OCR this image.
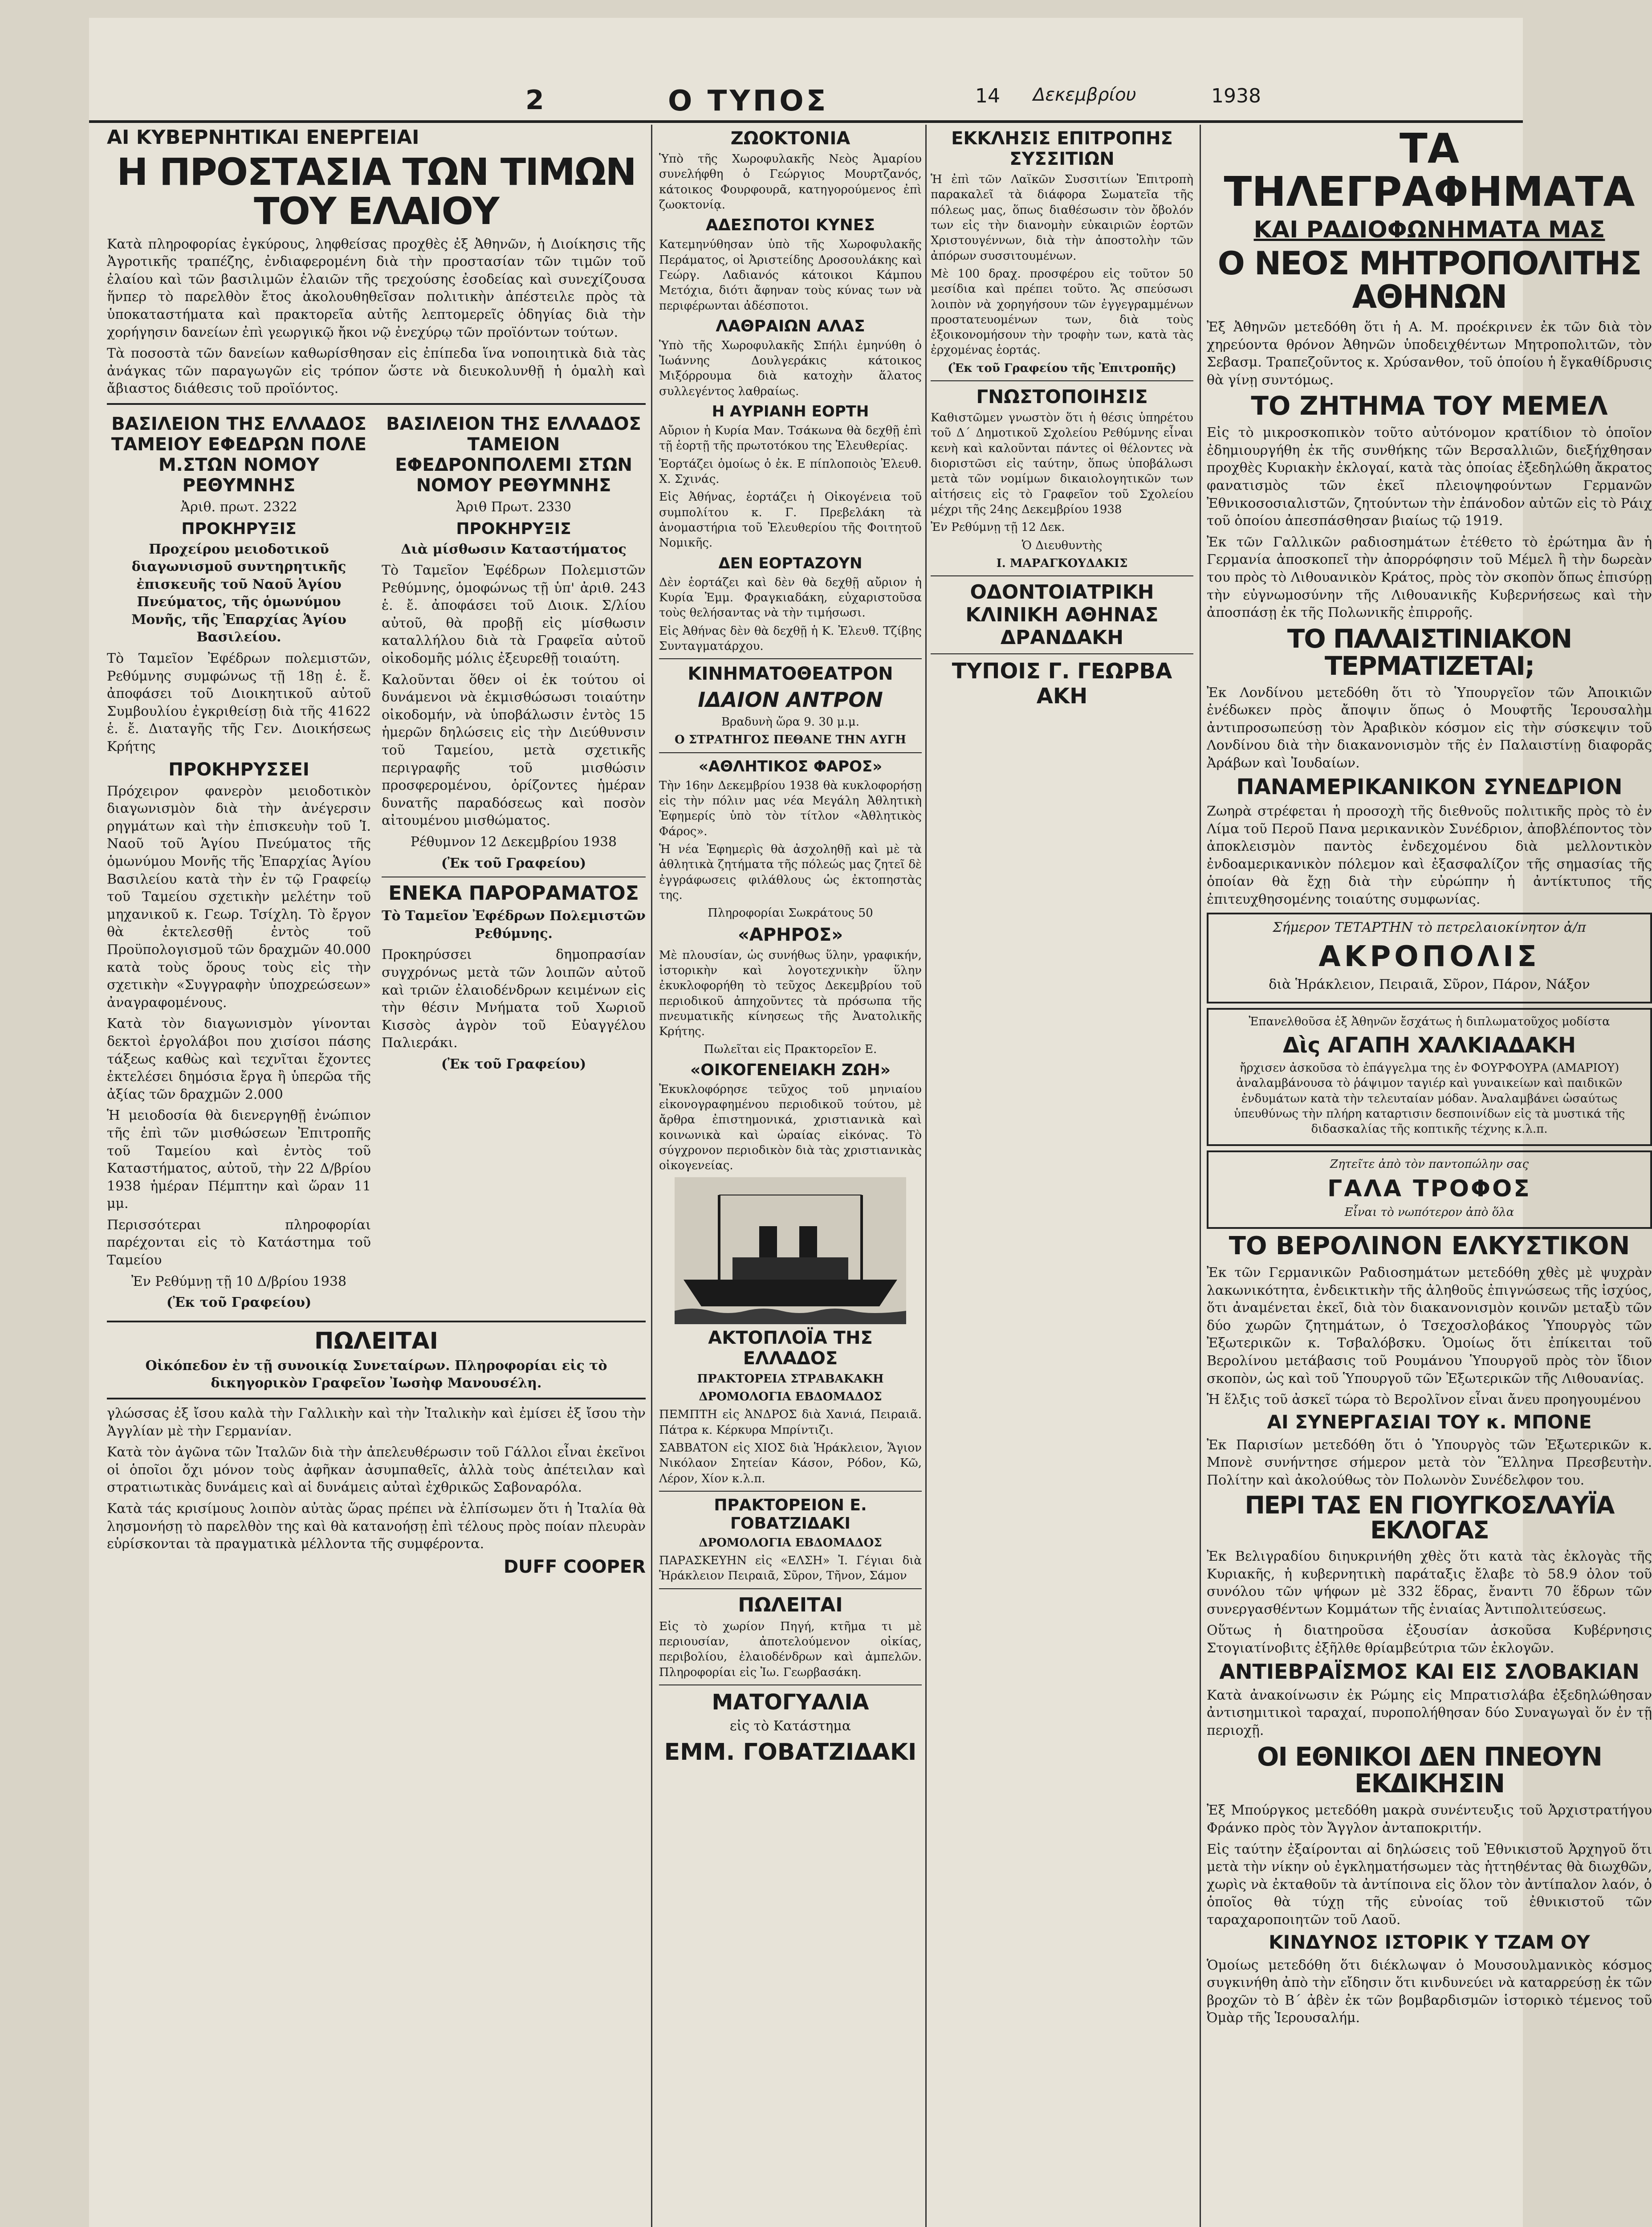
2	Ο ΤΥΠΟΣ	14 Δεκεμβρίου	1938
ΑΙ ΚΥΒΕΡΝΗΤΙΚΑΙ ΕΝΕΡΓΕΙΑΙ
Η ΠΡΟΣΤΑΣΙΑ ΤΩΝ ΤΙΜΩΝ ΤΟΥ ΕΛΑΙΟΥ

Κατὰ πληροφορίας ἐγκύρους, ληφθείσας προχθὲς ἐξ Ἀθηνῶν, ἡ Διοίκησις τῆς Ἀγροτικῆς τραπέζης, ἐνδιαφερομένη διὰ τὴν προστασίαν τῶν τιμῶν τοῦ ἐλαίου καὶ τῶν βασιλιμῶν ἐλαιῶν τῆς τρεχούσης ἐσοδείας καὶ συνεχίζουσα ἥνπερ τὸ παρελθὸν ἔτος ἀκολουθηθεῖσαν πολιτικὴν ἀπέστειλε πρὸς τὰ ὑποκαταστήματα καὶ πρακτορεῖα αὐτῆς λεπτομερεῖς ὁδηγίας διὰ τὴν χορήγησιν δανείων ἐπὶ γεωργικῷ ἤκοι νῷ ἐνεχύρῳ τῶν προϊόντων τούτων.

Τὰ ποσοστὰ τῶν δανείων καθωρίσθησαν εἰς ἐπίπεδα ἵνα νοποιητικὰ διὰ τὰς ἀνάγκας τῶν παραγωγῶν εἰς τρόπον ὥστε νὰ διευκολυνθῇ ἡ ὁμαλὴ καὶ ἄβιαστος διάθεσις τοῦ προϊόντος.

ΒΑΣΙΛΕΙΟΝ ΤΗΣ ΕΛΛΑΔΟΣ ΤΑΜΕΙΟΥ ΕΦΕΔΡΩΝ ΠΟΛΕ Μ.ΣΤΩΝ ΝΟΜΟΥ ΡΕΘΥΜΝΗΣ
Ἀριθ. πρωτ. 2322
ΠΡΟΚΗΡΥΞΙΣ

Πρoχείρου μειοδοτικοῦ διαγωνισμοῦ συντηρητικῆς ἐπισκευῆς τοῦ Ναοῦ Ἁγίου Πνεύματος, τῆς ὁμωνύμου Μονῆς, τῆς Ἐπαρχίας Ἁγίου Βασιλείου.

Τὸ Ταμεῖον Ἐφέδρων πολεμιστῶν, Ρεθύμνης συμφώνως τῇ 18ῃ ἑ. ἔ. ἀποφάσει τοῦ Διοικητικοῦ αὐτοῦ Συμβουλίου ἐγκριθείσῃ διὰ τῆς 41622 ἑ. ἔ. Διαταγῆς τῆς Γεν. Διοικήσεως Κρήτης

ΠΡΟΚΗΡΥΣΣΕΙ

Πρόχειρον φανερὸν μειοδοτικὸν διαγωνισμὸν διὰ τὴν ἀνέγερσιν ρηγμάτων καὶ τὴν ἐπισκευὴν τοῦ Ἱ. Ναοῦ τοῦ Ἁγίου Πνεύματος τῆς ὁμωνύμου Μονῆς τῆς Ἐπαρχίας Ἁγίου Βασιλείου κατὰ τὴν ἐν τῷ Γραφείῳ τοῦ Ταμείου σχετικὴν μελέτην τοῦ μηχανικοῦ κ. Γεωρ. Τσίχλη. Τὸ ἔργον θὰ ἐκτελεσθῇ ἐντὸς τοῦ Προϋπολογισμοῦ τῶν δραχμῶν 40.000 κατὰ τοὺς ὅρους τοὺς εἰς τὴν σχετικὴν «Συγγραφὴν ὑποχρεώσεων» ἀναγραφομένους.

Κατὰ τὸν διαγωνισμὸν γίνονται δεκτοὶ ἐργολάβοι που χισίσοι πάσης τάξεως καθὼς καὶ τεχνῖται ἔχοντες ἐκτελέσει δημόσια ἔργα ἢ ὑπερῶα τῆς ἀξίας τῶν δραχμῶν 2.000

Ἡ μειοδοσία θὰ διενεργηθῇ ἐνώπιον τῆς ἐπὶ τῶν μισθώσεων Ἐπιτροπῆς τοῦ Ταμείου καὶ ἐντὸς τοῦ Καταστήματος, αὐτοῦ, τὴν 22 Δ/βρίου 1938 ἡμέραν Πέμπτην καὶ ὥραν 11 μμ.

Περισσότεραι πληροφορίαι παρέχονται εἰς τὸ Κατάστημα τοῦ Ταμείου

Ἐν Ρεθύμνῃ τῇ 10 Δ/βρίου 1938

(Ἐκ τοῦ Γραφείου)

ΒΑΣΙΛΕΙΟΝ ΤΗΣ ΕΛΛΑΔΟΣ ΤΑΜΕΙΟΝ ΕΦΕΔΡΟΝΠΟΛΕΜΙ ΣΤΩΝ ΝΟΜΟΥ ΡΕΘΥΜΝΗΣ
Ἀριθ Πρωτ. 2330
ΠΡΟΚΗΡΥΞΙΣ

Διὰ μίσθωσιν Καταστήματος

Τὸ Ταμεῖον Ἐφέδρων Πολεμιστῶν Ρεθύμνης, ὁμοφώνως τῇ ὑπ' ἀριθ. 243 ἑ. ἔ. ἀποφάσει τοῦ Διοικ. Σ/λίου αὐτοῦ, θὰ προβῇ εἰς μίσθωσιν καταλλήλου διὰ τὰ Γραφεῖα αὐτοῦ οἰκοδομῆς μόλις ἐξευρεθῇ τοιαύτη.

Καλοῦνται ὅθεν οἱ ἐκ τούτου οἱ δυνάμενοι νὰ ἐκμισθώσωσι τοιαύτην οἰκοδομήν, νὰ ὑποβάλωσιν ἐντὸς 15 ἡμερῶν δηλώσεις εἰς τὴν Διεύθυνσιν τοῦ Ταμείου, μετὰ σχετικῆς περιγραφῆς τοῦ μισθώσιν προσφερομένου, ὁρίζοντες ἡμέραν δυνατῆς παραδόσεως καὶ ποσὸν αἰτουμένου μισθώματος.

Ρέθυμνον 12 Δεκεμβρίου 1938

(Ἐκ τοῦ Γραφείου)

ΕΝΕΚΑ ΠΑΡΟΡΑΜΑΤΟΣ

Τὸ Ταμεῖον Ἐφέδρων Πολεμιστῶν Ρεθύμνης.

Προκηρύσσει δημοπρασίαν συγχρόνως μετὰ τῶν λοιπῶν αὐτοῦ καὶ τριῶν ἐλαιοδένδρων κειμένων εἰς τὴν θέσιν Μνήματα τοῦ Χωριοῦ Κισσὸς ἀγρὸν τοῦ Εὐαγγέλου Παλιεράκι.

(Ἐκ τοῦ Γραφείου)

ΠΩΛΕΙΤΑΙ

Οἰκόπεδον ἐν τῇ συνοικίᾳ Συνεταίρων. Πληροφορίαι εἰς τὸ δικηγορικὸν Γραφεῖον Ἰωσὴφ Μανουσέλη.

γλώσσας ἐξ ἴσου καλὰ τὴν Γαλλικὴν καὶ τὴν Ἰταλικὴν καὶ ἐμίσει ἐξ ἴσου τὴν Ἀγγλίαν μὲ τὴν Γερμανίαν.

Κατὰ τὸν ἀγῶνα τῶν Ἰταλῶν διὰ τὴν ἀπελευθέρωσιν τοῦ Γάλλοι εἶναι ἐκεῖνοι οἱ ὁποῖοι ὄχι μόνον τοὺς ἀφῆκαν ἀσυμπαθεῖς, ἀλλὰ τοὺς ἀπέτειλαν καὶ στρατιωτικὰς δυνάμεις καὶ αἱ δυνάμεις αὐταὶ ἐχθρικῶς Σαβοναρόλα.

Κατὰ τάς κρισίμους λοιπὸν αὐτὰς ὥρας πρέπει νὰ ἐλπίσωμεν ὅτι ἡ Ἰταλία θὰ λησμονήσῃ τὸ παρελθὸν της καὶ θὰ κατανοήσῃ ἐπὶ τέλους πρὸς ποίαν πλευρὰν εὑρίσκονται τὰ πραγματικὰ μέλλοντα τῆς συμφέροντα.

DUFF COOPER
ΖΩΟΚΤΟΝΙΑ

Ὑπὸ τῆς Χωροφυλακῆς Νεὸς Ἀμαρίου συνελήφθη ὁ Γεώργιος Μουρτζανός, κάτοικος Φουρφουρᾶ, κατηγορούμενος ἐπὶ ζωοκτονίᾳ.

ΑΔΕΣΠΟΤΟΙ ΚΥΝΕΣ

Κατεμηνύθησαν ὑπὸ τῆς Χωροφυλακῆς Περάματος, οἱ Ἀριστείδης Δροσουλάκης καὶ Γεώργ. Λαδιανός κάτοικοι Κάμπου Μετόχια, διότι ἄφηναν τοὺς κύνας των νὰ περιφέρωνται ἀδέσποτοι.

ΛΑΘΡΑΙΩΝ ΑΛΑΣ

Ὑπὸ τῆς Χωροφυλακῆς Σπήλι ἐμηνύθη ὁ Ἰωάννης Δουλγεράκις κάτοικος Μιξόρρουμα διὰ κατοχὴν ἅλατος συλλεγέντος λαθραίως.

Η ΑΥΡΙΑΝΗ ΕΟΡΤΗ

Αὔριον ἡ Κυρία Μαν. Τσάκωνα θὰ δεχθῇ ἐπὶ τῇ ἑορτῇ τῆς πρωτοτόκου της Ἐλευθερίας.

Ἑορτάζει ὁμοίως ὁ ἐκ. Ε πίπλοποιὸς Ἐλευθ. Χ. Σχινάς.

Εἰς Ἀθήνας, ἑορτάζει ἡ Οἰκογένεια τοῦ συμπολίτου κ. Γ. Πρεβελάκη τὰ ἀνομαστήρια τοῦ Ἐλευθερίου τῆς Φοιτητοῦ Νομικῆς.

ΔΕΝ ΕΟΡΤΑΖΟΥΝ

Δὲν ἑορτάζει καὶ δὲν θὰ δεχθῇ αὔριον ἡ Κυρία Ἐμμ. Φραγκιαδάκη, εὐχαριστοῦσα τοὺς θελήσαντας νὰ τὴν τιμήσωσι.

Εἰς Ἀθήνας δὲν θὰ δεχθῇ ἡ Κ. Ἐλευθ. Τζίβης Συνταγματάρχου.

ΚΙΝΗΜΑΤΟΘΕΑΤΡΟΝ
ΙΔΑΙΟΝ ΑΝΤΡΟΝ

Βραδυνὴ ὥρα 9. 30 μ.μ.

Ο ΣΤΡΑΤΗΓΟΣ ΠΕΘΑΝΕ ΤΗΝ ΑΥΓΗ

«ΑΘΛΗΤΙΚΟΣ ΦΑΡΟΣ»

Τὴν 16ην Δεκεμβρίου 1938 θὰ κυκλοφορήσῃ εἰς τὴν πόλιν μας νέα Μεγάλη Ἀθλητικὴ Ἐφημερίς ὑπὸ τὸν τίτλον «Ἀθλητικὸς Φάρος».

Ἡ νέα Ἐφημερὶς θὰ ἀσχοληθῇ καὶ μὲ τὰ ἀθλητικὰ ζητήματα τῆς πόλεώς μας ζητεῖ δὲ ἐγγράφωσεις φιλάθλους ὡς ἐκτοπηστὰς της.

Πληροφορίαι Σωκράτους 50

«ΑΡΗΡΟΣ»

Μὲ πλουσίαν, ὡς συνήθως ὕλην, γραφικήν, ἱστορικὴν καὶ λογοτεχνικὴν ὕλην ἐκυκλοφορήθη τὸ τεῦχος Δεκεμβρίου τοῦ περιοδικοῦ ἀπηχοῦντες τὰ πρόσωπα τῆς πνευματικῆς κίνησεως τῆς Ἀνατολικῆς Κρήτης.

Πωλεῖται εἰς Πρακτορεῖον Ε.

«ΟΙΚΟΓΕΝΕΙΑΚΗ ΖΩΗ»

Ἐκυκλοφόρησε τεῦχος τοῦ μηνιαίου εἰκονογραφημένου περιοδικοῦ τούτου, μὲ ἄρθρα ἐπιστημονικά, χριστιανικὰ καὶ κοινωνικὰ καὶ ὡραίας εἰκόνας. Τὸ σύγχρονον περιοδικὸν διὰ τὰς χριστιανικὰς οἰκογενείας.

ΑΚΤΟΠΛΟΪΑ ΤΗΣ ΕΛΛΑΔΟΣ

ΠΡΑΚΤΟΡΕΙΑ ΣΤΡΑΒΑΚΑΚΗ

ΔΡΟΜΟΛΟΓΙΑ ΕΒΔΟΜΑΔΟΣ

ΠΕΜΠΤΗ εἰς ἈΝΔΡΟΣ διὰ Χανιά, Πειραιᾶ. Πάτρα κ. Κέρκυρα Μπρίντιζι.

ΣΑΒΒΑΤΟΝ εἰς ΧΙΟΣ διὰ Ἡράκλειον, Ἅγιον Νικόλαον Σητείαν Κάσον, Ρόδον, Κῶ, Λέρον, Χίον κ.λ.π.

ΠΡΑΚΤΟΡΕΙΟΝ Ε. ΓΟΒΑΤΖΙΔΑΚΙ

ΔΡΟΜΟΛΟΓΙΑ ΕΒΔΟΜΑΔΟΣ

ΠΑΡΑΣΚΕΥΗΝ εἰς «ΕΛΣΗ» Ἰ. Γέγιαι διὰ Ἡράκλειον Πειραιᾶ, Σῦρον, Τῆνον, Σάμον

ΠΩΛΕΙΤΑΙ

Εἰς τὸ χωρίον Πηγή, κτῆμα τι μὲ περιουσίαν, ἀποτελούμενον οἰκίας, περιβολίου, ἐλαιοδένδρων καὶ ἀμπελῶν. Πληροφορίαι εἰς Ἰω. Γεωρβασάκη.

ΜΑΤΟΓΥΑΛΙΑ

εἰς τὸ Κατάστημα

ΕΜΜ. ΓΟΒΑΤΖΙΔΑΚΙ
ΕΚΚΛΗΣΙΣ ΕΠΙΤΡΟΠΗΣ ΣΥΣΣΙΤΙΩΝ

Ἡ ἐπὶ τῶν Λαϊκῶν Συσσιτίων Ἐπιτροπὴ παρακαλεῖ τὰ διάφορα Σωματεῖα τῆς πόλεως μας, ὅπως διαθέσωσιν τὸν ὄβολόν των εἰς τὴν διανομὴν εὐκαιριῶν ἑορτῶν Χριστουγέννων, διὰ τὴν ἀποστολὴν τῶν ἀπόρων συσσιτουμένων.

Μὲ 100 δραχ. προσφέρου εἰς τοῦτον 50 μεσίδια καὶ πρέπει τοῦτο. Ἄς σπεύσωσι λοιπὸν νὰ χορηγήσουν τῶν ἐγγεγραμμένων προστατευομένων των, διὰ τοὺς ἐξοικονομήσουν τὴν τροφὴν των, κατὰ τὰς ἐρχομένας ἑορτάς.

(Ἐκ τοῦ Γραφείου τῆς Ἐπιτροπῆς)

ΓΝΩΣΤΟΠΟΙΗΣΙΣ

Καθιστῶμεν γνωστὸν ὅτι ἡ θέσις ὑπηρέτου τοῦ Δ΄ Δημοτικοῦ Σχολείου Ρεθύμνης εἶναι κενὴ καὶ καλοῦνται πάντες οἱ θέλοντες νὰ διοριστῶσι εἰς ταύτην, ὅπως ὑποβάλωσι μετὰ τῶν νομίμων δικαιολογητικῶν των αἰτήσεις εἰς τὸ Γραφεῖον τοῦ Σχολείου μέχρι τῆς 24ης Δεκεμβρίου 1938

Ἐν Ρεθύμνῃ τῇ 12 Δεκ.

Ὁ Διευθυντὴς

Ι. ΜΑΡΑΓΚΟΥΔΑΚΙΣ

ΟΔΟΝΤΟΙΑΤΡΙΚΗ ΚΛΙΝΙΚΗ ΑΘΗΝΑΣ ΔΡΑΝΔΑΚΗ
ΤΥΠΟΙΣ Γ. ΓΕΩΡΒΑ ΑΚΗ
ΤΑ ΤΗΛΕΓΡΑΦΗΜΑΤΑ
ΚΑΙ ΡΑΔΙΟΦΩΝΗΜΑΤΑ ΜΑΣ
Ο ΝΕΟΣ ΜΗΤΡΟΠΟΛΙΤΗΣ ΑΘΗΝΩΝ

Ἐξ Ἀθηνῶν μετεδόθη ὅτι ἡ Α. Μ. προέκρινεν ἐκ τῶν διὰ τὸν χηρεύοντα θρόνον Ἀθηνῶν ὑποδειχθέντων Μητροπολιτῶν, τὸν Σεβασμ. Τραπεζοῦντος κ. Χρύσανθον, τοῦ ὁποίου ἡ ἔγκαθίδρυσις θὰ γίνῃ συντόμως.

ΤΟ ΖΗΤΗΜΑ ΤΟΥ ΜΕΜΕΛ

Εἰς τὸ μικροσκοπικὸν τοῦτο αὐτόνομον κρατίδιον τὸ ὁποῖον ἐδημιουργήθη ἐκ τῆς συνθήκης τῶν Βερσαλλιῶν, διεξήχθησαν προχθὲς Κυριακὴν ἐκλογαί, κατὰ τὰς ὁποίας ἐξεδηλώθη ἄκρατος φανατισμὸς τῶν ἐκεῖ πλειοψηφούντων Γερμανῶν Ἐθνικοσοσιαλιστῶν, ζητούντων τὴν ἐπάνοδον αὐτῶν εἰς τὸ Ράιχ τοῦ ὁποίου ἀπεσπάσθησαν βιαίως τῷ 1919.

Ἐκ τῶν Γαλλικῶν ραδιοσημάτων ἐτέθετο τὸ ἐρώτημα ἂν ἡ Γερμανία ἀποσκοπεῖ τὴν ἀπορρόφησιν τοῦ Μέμελ ἢ τὴν δωρεὰν του πρὸς τὸ Λιθουανικὸν Κράτος, πρὸς τὸν σκοπὸν ὅπως ἐπισύρῃ τὴν εὐγνωμοσύνην τῆς Λιθουανικῆς Κυβερνήσεως καὶ τὴν ἀποσπάσῃ ἐκ τῆς Πολωνικῆς ἐπιρροῆς.

ΤΟ ΠΑΛΑΙΣΤΙΝΙΑΚΟΝ ΤΕΡΜΑΤΙΖΕΤΑΙ;

Ἐκ Λονδίνου μετεδόθη ὅτι τὸ Ὑπουργεῖον τῶν Ἀποικιῶν ἐνέδωκεν πρὸς ἄποψιν ὅπως ὁ Μουφτῆς Ἱερουσαλὴμ ἀντιπροσωπεύσῃ τὸν Ἀραβικὸν κόσμον εἰς τὴν σύσκεψιν τοῦ Λονδίνου διὰ τὴν διακανονισμὸν τῆς ἐν Παλαιστίνῃ διαφορᾶς Ἀράβων καὶ Ἰουδαίων.

ΠΑΝΑΜΕΡΙΚΑΝΙΚΟΝ ΣΥΝΕΔΡΙΟΝ

Ζωηρὰ στρέφεται ἡ προσοχὴ τῆς διεθνοῦς πολιτικῆς πρὸς τὸ ἐν Λίμα τοῦ Περοῦ Πανα μερικανικὸν Συνέδριον, ἀποβλέποντος τὸν ἀποκλεισμὸν παντὸς ἐνδεχομένου διὰ μελλοντικὸν ἐνδοαμερικανικὸν πόλεμον καὶ ἐξασφαλίζον τῆς σημασίας τῆς ὁποίαν θὰ ἔχῃ διὰ τὴν εὐρώπην ἡ ἀντίκτυπος τῆς ἐπιτευχθησομένης τοιαύτης συμφωνίας.

Σήμερον ΤΕΤΑΡΤΗΝ τὸ πετρελαιοκίνητον ἀ/π

ΑΚΡΟΠΟΛΙΣ

διὰ Ἡράκλειον, Πειραιᾶ, Σῦρον, Πάρον, Νάξον

Ἐπανελθοῦσα ἐξ Ἀθηνῶν ἔσχάτως ἡ διπλωματοῦχος μοδίστα

Δὶς ΑΓΑΠΗ ΧΑΛΚΙΑΔΑΚΗ

ἤρχισεν ἀσκοῦσα τὸ ἐπάγγελμα της ἐν ΦΟΥΡΦΟΥΡΑ (ΑΜΑΡΙΟΥ) ἀναλαμβάνουσα τὸ ῥάψιμον ταγιέρ καὶ γυναικείων καὶ παιδικῶν ἐνδυμάτων κατὰ τὴν τελευταίαν μόδαν. Ἀναλαμβάνει ὡσαύτως ὑπευθύνως τὴν πλήρη καταρτισιν δεσποινίδων εἰς τὰ μυστικά τῆς διδασκαλίας τῆς κοπτικῆς τέχνης κ.λ.π.

Ζητεῖτε ἀπὸ τὸν παντοπώλην σας

ΓΑΛΑ ΤΡΟΦΟΣ

Εἶναι τὸ νωπότερον ἀπὸ ὅλα

ΤΟ ΒΕΡΟΛΙΝΟΝ ΕΛΚΥΣΤΙΚΟΝ

Ἐκ τῶν Γερμανικῶν Ραδιοσημάτων μετεδόθη χθὲς μὲ ψυχρὰν λακωνικότητα, ἐνδεικτικὴν τῆς ἀληθοῦς ἐπιγνώσεως τῆς ἰσχύος, ὅτι ἀναμένεται ἐκεῖ, διὰ τὸν διακανονισμὸν κοινῶν μεταξὺ τῶν δύο χωρῶν ζητημάτων, ὁ Τσεχοσλοβάκος Ὑπουργὸς τῶν Ἐξωτερικῶν κ. Τσβαλόβσκυ. Ὁμοίως ὅτι ἐπίκειται τοῦ Βερολίνου μετάβασις τοῦ Ρουμάνου Ὑπουργοῦ πρὸς τὸν ἴδιον σκοπὸν, ὡς καὶ τοῦ Ὑπουργοῦ τῶν Ἐξωτερικῶν τῆς Λιθουανίας.

Ἡ ἕλξις τοῦ ἀσκεῖ τώρα τὸ Βερολῖνον εἶναι ἄνευ προηγουμένου

ΑΙ ΣΥΝΕΡΓΑΣΙΑΙ ΤΟΥ κ. ΜΠΟΝΕ

Ἐκ Παρισίων μετεδόθη ὅτι ὁ Ὑπουργὸς τῶν Ἐξωτερικῶν κ. Μπονὲ συνήντησε σήμερον μετὰ τὸν Ἕλληνα Πρεσβευτὴν. Πολίτην καὶ ἀκολούθως τὸν Πολωνὸν Συνέδελφον του.

ΠΕΡΙ ΤΑΣ ΕΝ ΓΙΟΥΓΚΟΣΛΑΥΪΑ ΕΚΛΟΓΑΣ

Ἐκ Βελιγραδίου διηυκρινήθη χθὲς ὅτι κατὰ τὰς ἐκλογὰς τῆς Κυριακῆς, ἡ κυβερνητικὴ παράταξις ἔλαβε τὸ 58.9 ὀλον τοῦ συνόλου τῶν ψήφων μὲ 332 ἕδρας, ἔναντι 70 ἕδρων τῶν συνεργασθέντων Κομμάτων τῆς ἑνιαίας Ἀντιπολιτεύσεως.

Οὕτως ἡ διατηροῦσα ἐξουσίαν ἀσκοῦσα Κυβέρνησις Στογιατίνοβιτς ἐξῆλθε θρίαμβεύτρια τῶν ἐκλογῶν.

ΑΝΤΙΕΒΡΑΪΣΜΟΣ ΚΑΙ ΕΙΣ ΣΛΟΒΑΚΙΑΝ

Κατὰ ἀνακοίνωσιν ἐκ Ρώμης εἰς Μπρατισλάβα ἐξεδηλώθησαν ἀντισημιτικοὶ ταραχαί, πυροπολήθησαν δύο Συναγωγαὶ ὅν ἐν τῇ περιοχῇ.

ΟΙ ΕΘΝΙΚΟΙ ΔΕΝ ΠΝΕΟΥΝ ΕΚΔΙΚΗΣΙΝ

Ἐξ Μπούργκος μετεδόθη μακρὰ συνέντευξις τοῦ Ἀρχιστρατήγου Φράνκο πρὸς τὸν Ἄγγλον ἀνταποκριτήν.

Εἰς ταύτην ἐξαίρονται αἱ δηλώσεις τοῦ Ἐθνικιστοῦ Ἀρχηγοῦ ὅτι μετὰ τὴν νίκην οὐ ἐγκληματήσωμεν τὰς ἡττηθέντας θὰ διωχθῶν, χωρὶς νὰ ἐκταθοῦν τὰ ἀντίποινα εἰς ὅλον τὸν ἀντίπαλον λαόν, ὁ ὁποῖος θὰ τύχῃ τῆς εὐνοίας τοῦ ἐθνικιστοῦ τῶν ταραχαροποιητῶν τοῦ Λαοῦ.

ΚΙΝΔΥΝΟΣ ΙΣΤΟΡΙΚ Υ ΤΖΑΜ ΟΥ

Ὁμοίως μετεδόθη ὅτι διέκλωψαν ὁ Μουσουλμανικὸς κόσμος συγκινήθη ἀπὸ τὴν εἴδησιν ὅτι κινδυνεύει νὰ καταρρεύσῃ ἐκ τῶν βροχῶν τὸ Β΄ ἀβὲν ἐκ τῶν βομβαρδισμῶν ἱστορικὸ τέμενος τοῦ Ὀμὰρ τῆς Ἱερουσαλήμ.
